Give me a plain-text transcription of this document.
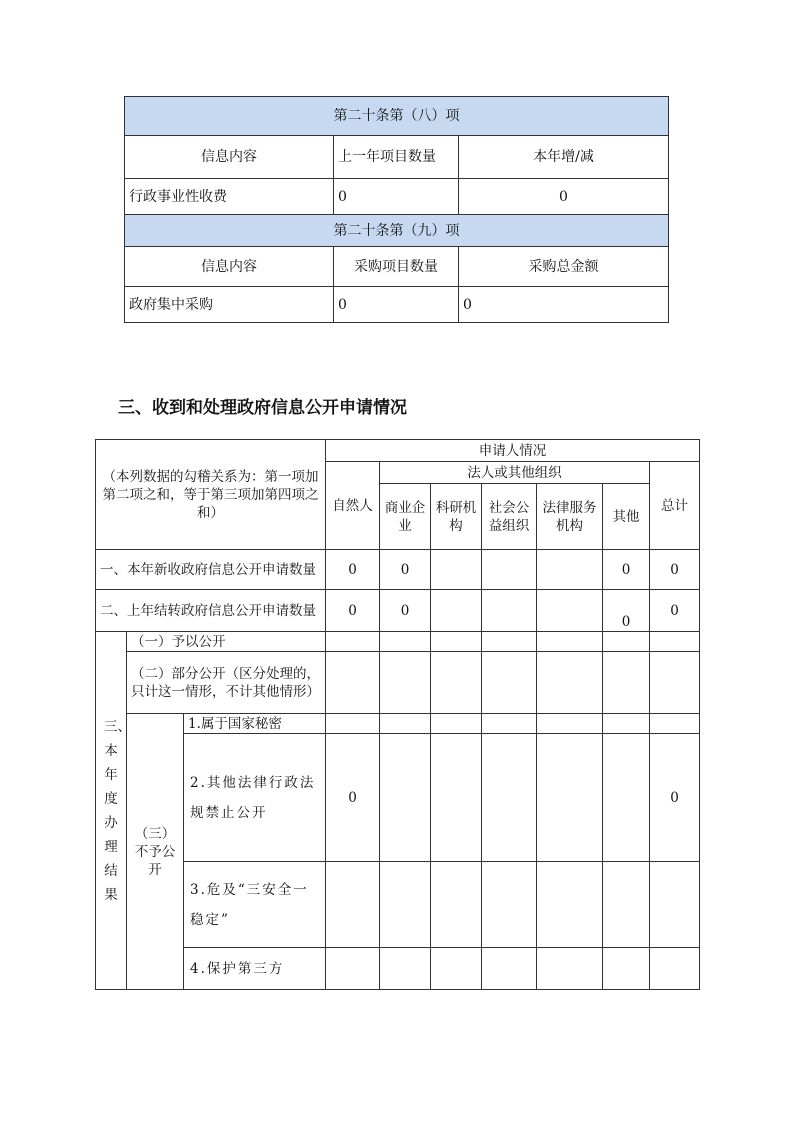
第二十条第（八）项		
信息内容	上一年项目数量	本年增/减
行政事业性收费	0	0
第二十条第（九）项		
信息内容	采购项目数量	采购总金额
政府集中采购	0	0
三、收到和处理政府信息公开申请情况
（本列数据的勾稽关系为：第一项加第二项之和，等于第三项加第四项之和）			申请人情况						
			自然人	法人或其他组织					总计
				商业企业	科研机构	社会公益组织	法律服务机构	其他	
一、本年新收政府信息公开申请数量			0	0				0	0
二、上年结转政府信息公开申请数量			0	0				0	0
三、本年度办理结果	（一）予以公开								
	（二）部分公开（区分处理的，只计这一情形，不计其他情形）								
	（三）不予公开	1.属于国家秘密							
		2.其他法律行政法规禁止公开	0						0
		3.危及“三安全一稳定”							
		4.保护第三方							
